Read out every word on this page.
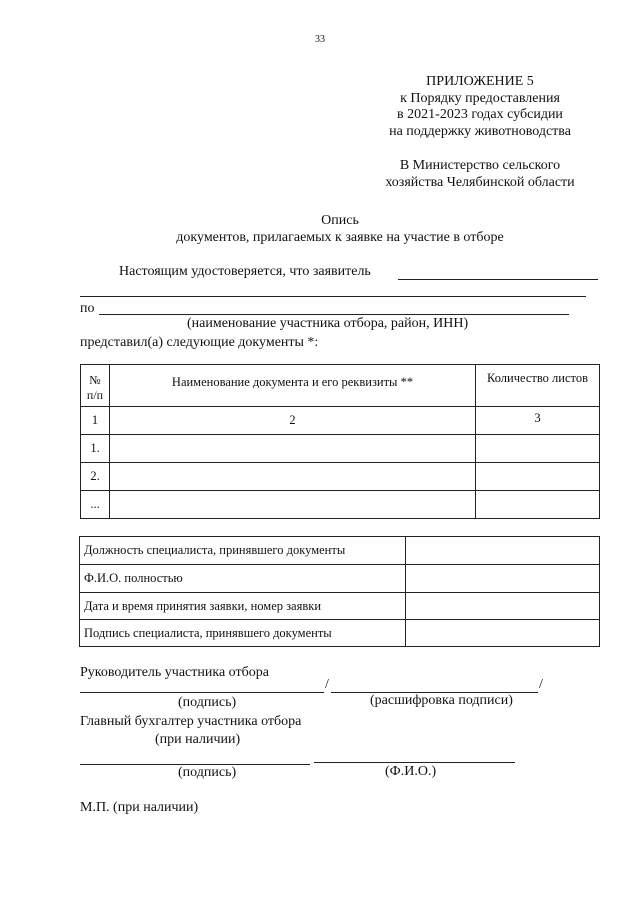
33
ПРИЛОЖЕНИЕ 5
к Порядку предоставления
в 2021-2023 годах субсидии
на поддержку животноводства
В Министерство сельского
хозяйства Челябинской области
Опись
документов, прилагаемых к заявке на участие в отборе
Настоящим удостоверяется, что заявитель
по
(наименование участника отбора, район, ИНН)
представил(а) следующие документы *:
№ п/п	Наименование документа и его реквизиты **	Количество листов
1	2	3
1.		
2.		
...		
Должность специалиста, принявшего документы	
Ф.И.О. полностью	
Дата и время принятия заявки, номер заявки	
Подпись специалиста, принявшего документы	
Руководитель участника отбора
/	/
(подпись)	(расшифровка подписи)
Главный бухгалтер участника отбора
(при наличии)
(подпись)	(Ф.И.О.)
М.П. (при наличии)
